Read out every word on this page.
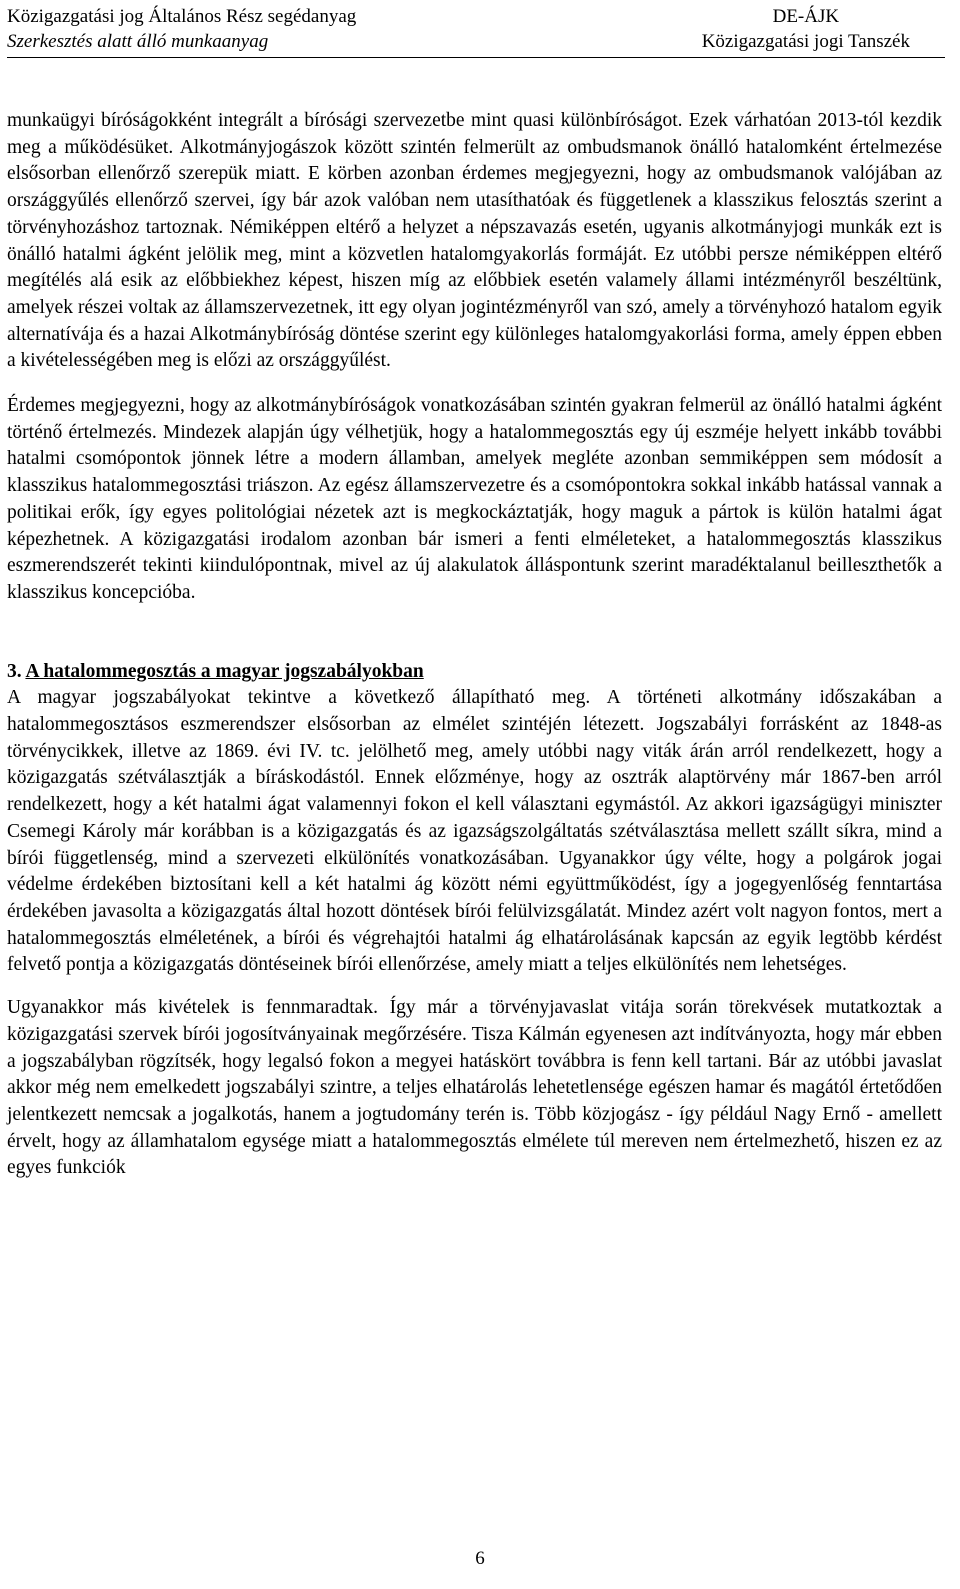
Közigazgatási jog Általános Rész segédanyag
Szerkesztés alatt álló munkaanyag
DE-ÁJK
Közigazgatási jogi Tanszék

munkaügyi bíróságokként integrált a bírósági szervezetbe mint quasi különbíróságot. Ezek várhatóan 2013-tól kezdik meg a működésüket. Alkotmányjogászok között szintén felmerült az ombudsmanok önálló hatalomként értelmezése elsősorban ellenőrző szerepük miatt. E körben azonban érdemes megjegyezni, hogy az ombudsmanok valójában az országgyűlés ellenőrző szervei, így bár azok valóban nem utasíthatóak és függetlenek a klasszikus felosztás szerint a törvényhozáshoz tartoznak. Némiképpen eltérő a helyzet a népszavazás esetén, ugyanis alkotmányjogi munkák ezt is önálló hatalmi ágként jelölik meg, mint a közvetlen hatalomgyakorlás formáját. Ez utóbbi persze némiképpen eltérő megítélés alá esik az előbbiekhez képest, hiszen míg az előbbiek esetén valamely állami intézményről beszéltünk, amelyek részei voltak az államszervezetnek, itt egy olyan jogintézményről van szó, amely a törvényhozó hatalom egyik alternatívája és a hazai Alkotmánybíróság döntése szerint egy különleges hatalomgyakorlási forma, amely éppen ebben a kivételességében meg is előzi az országgyűlést.

Érdemes megjegyezni, hogy az alkotmánybíróságok vonatkozásában szintén gyakran felmerül az önálló hatalmi ágként történő értelmezés. Mindezek alapján úgy vélhetjük, hogy a hatalommegosztás egy új eszméje helyett inkább további hatalmi csomópontok jönnek létre a modern államban, amelyek megléte azonban semmiképpen sem módosít a klasszikus hatalommegosztási triászon. Az egész államszervezetre és a csomópontokra sokkal inkább hatással vannak a politikai erők, így egyes politológiai nézetek azt is megkockáztatják, hogy maguk a pártok is külön hatalmi ágat képezhetnek. A közigazgatási irodalom azonban bár ismeri a fenti elméleteket, a hatalommegosztás klasszikus eszmerendszerét tekinti kiindulópontnak, mivel az új alakulatok álláspontunk szerint maradéktalanul beilleszthetők a klasszikus koncepcióba.

3. A hatalommegosztás a magyar jogszabályokban

A magyar jogszabályokat tekintve a következő állapítható meg. A történeti alkotmány időszakában a hatalommegosztásos eszmerendszer elsősorban az elmélet szintéjén létezett. Jogszabályi forrásként az 1848-as törvénycikkek, illetve az 1869. évi IV. tc. jelölhető meg, amely utóbbi nagy viták árán arról rendelkezett, hogy a közigazgatás szétválasztják a bíráskodástól. Ennek előzménye, hogy az osztrák alaptörvény már 1867-ben arról rendelkezett, hogy a két hatalmi ágat valamennyi fokon el kell választani egymástól. Az akkori igazságügyi miniszter Csemegi Károly már korábban is a közigazgatás és az igazságszolgáltatás szétválasztása mellett szállt síkra, mind a bírói függetlenség, mind a szervezeti elkülönítés vonatkozásában. Ugyanakkor úgy vélte, hogy a polgárok jogai védelme érdekében biztosítani kell a két hatalmi ág között némi együttműködést, így a jogegyenlőség fenntartása érdekében javasolta a közigazgatás által hozott döntések bírói felülvizsgálatát. Mindez azért volt nagyon fontos, mert a hatalommegosztás elméletének, a bírói és végrehajtói hatalmi ág elhatárolásának kapcsán az egyik legtöbb kérdést felvető pontja a közigazgatás döntéseinek bírói ellenőrzése, amely miatt a teljes elkülönítés nem lehetséges.

Ugyanakkor más kivételek is fennmaradtak. Így már a törvényjavaslat vitája során törekvések mutatkoztak a közigazgatási szervek bírói jogosítványainak megőrzésére. Tisza Kálmán egyenesen azt indítványozta, hogy már ebben a jogszabályban rögzítsék, hogy legalsó fokon a megyei hatáskört továbbra is fenn kell tartani. Bár az utóbbi javaslat akkor még nem emelkedett jogszabályi szintre, a teljes elhatárolás lehetetlensége egészen hamar és magától értetődően jelentkezett nemcsak a jogalkotás, hanem a jogtudomány terén is. Több közjogász - így például Nagy Ernő - amellett érvelt, hogy az államhatalom egysége miatt a hatalommegosztás elmélete túl mereven nem értelmezhető, hiszen ez az egyes funkciók

6
